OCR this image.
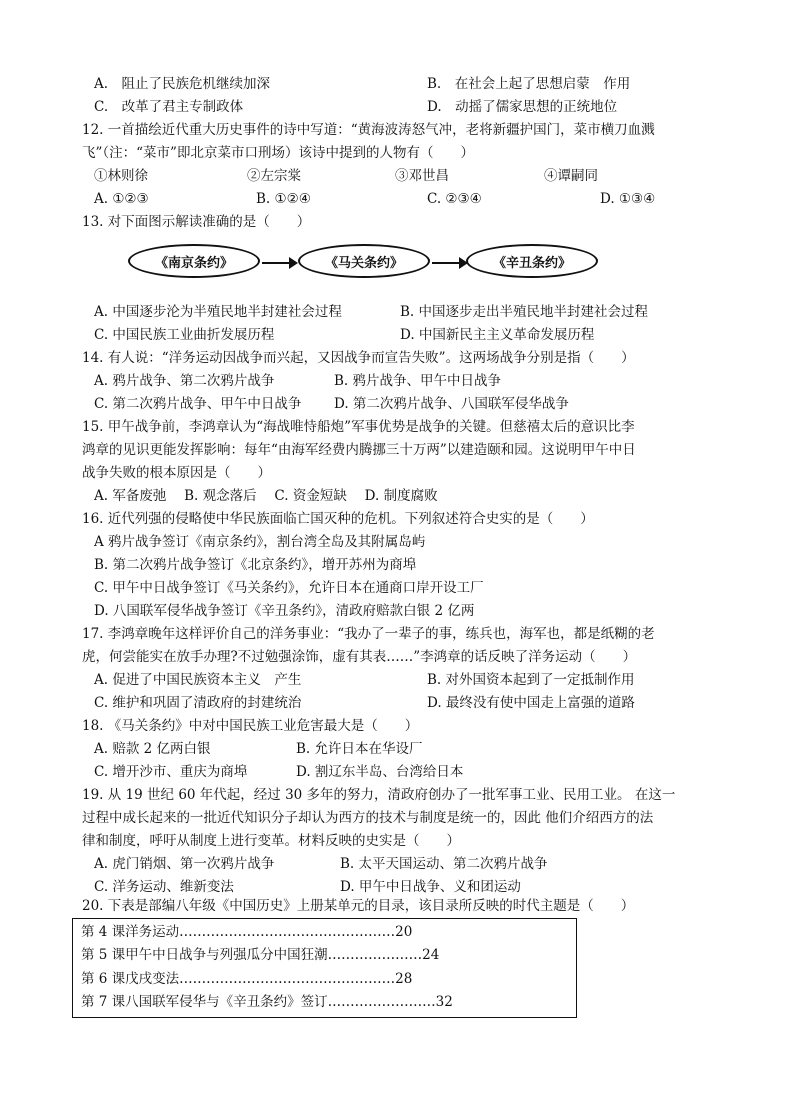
A.　阻止了民族危机继续加深	B.　在社会上起了思想启蒙　作用
C.　改革了君主专制政体	D.　动摇了儒家思想的正统地位
12. 一首描绘近代重大历史事件的诗中写道：“黄海波涛怒气冲，老将新疆护国门，菜市横刀血溅
飞”（注：“菜市”即北京菜市口刑场）该诗中提到的人物有（　　）
①林则徐	②左宗棠	③邓世昌	④谭嗣同
A. ①②③	B. ①②④	C. ②③④	D. ①③④
13. 对下面图示解读准确的是（　　）
《南京条约》	《马关条约》	《辛丑条约》
A. 中国逐步沦为半殖民地半封建社会过程	B. 中国逐步走出半殖民地半封建社会过程
C. 中国民族工业曲折发展历程	D. 中国新民主主义革命发展历程
14. 有人说：“洋务运动因战争而兴起，又因战争而宣告失败”。这两场战争分别是指（　　）
A. 鸦片战争、第二次鸦片战争	B. 鸦片战争、甲午中日战争
C. 第二次鸦片战争、甲午中日战争 D. 第二次鸦片战争、八国联军侵华战争
15. 甲午战争前，李鸿章认为“海战唯恃船炮”军事优势是战争的关键。但慈禧太后的意识比李
鸿章的见识更能发挥影响：每年“由海军经费内腾挪三十万两”以建造颐和园。这说明甲午中日
战争失败的根本原因是（　　）
A. 军备废弛　 B. 观念落后　 C. 资金短缺　 D. 制度腐败
16. 近代列强的侵略使中华民族面临亡国灭种的危机。下列叙述符合史实的是（　　）
A 鸦片战争签订《南京条约》，割台湾全岛及其附属岛屿
B. 第二次鸦片战争签订《北京条约》，增开苏州为商埠
C. 甲午中日战争签订《马关条约》，允许日本在通商口岸开设工厂
D. 八国联军侵华战争签订《辛丑条约》，清政府赔款白银 2 亿两
17. 李鸿章晚年这样评价自己的洋务事业：“我办了一辈子的事，练兵也，海军也，都是纸糊的老
虎，何尝能实在放手办理?不过勉强涂饰，虚有其表……”李鸿章的话反映了洋务运动（　　）
A. 促进了中国民族资本主义　产生	B. 对外国资本起到了一定抵制作用
C. 维护和巩固了清政府的封建统治	D. 最终没有使中国走上富强的道路
18. 《马关条约》中对中国民族工业危害最大是（　　）
A. 赔款 2 亿两白银	B. 允许日本在华设厂
C. 增开沙市、重庆为商埠	D. 割辽东半岛、台湾给日本
19. 从 19 世纪 60 年代起，经过 30 多年的努力，清政府创办了一批军事工业、民用工业。 在这一
过程中成长起来的一批近代知识分子却认为西方的技术与制度是统一的，因此 他们介绍西方的法
律和制度，呼吁从制度上进行变革。材料反映的史实是（　　）
A. 虎门销烟、第一次鸦片战争	B. 太平天国运动、第二次鸦片战争
C. 洋务运动、维新变法	D. 甲午中日战争、义和团运动
20. 下表是部编八年级《中国历史》上册某单元的目录，该目录所反映的时代主题是（　　）
第 4 课洋务运动…………………………………………20
第 5 课甲午中日战争与列强瓜分中国狂潮…………………24
第 6 课戊戌变法…………………………………………28
第 7 课八国联军侵华与《辛丑条约》签订……………………32
